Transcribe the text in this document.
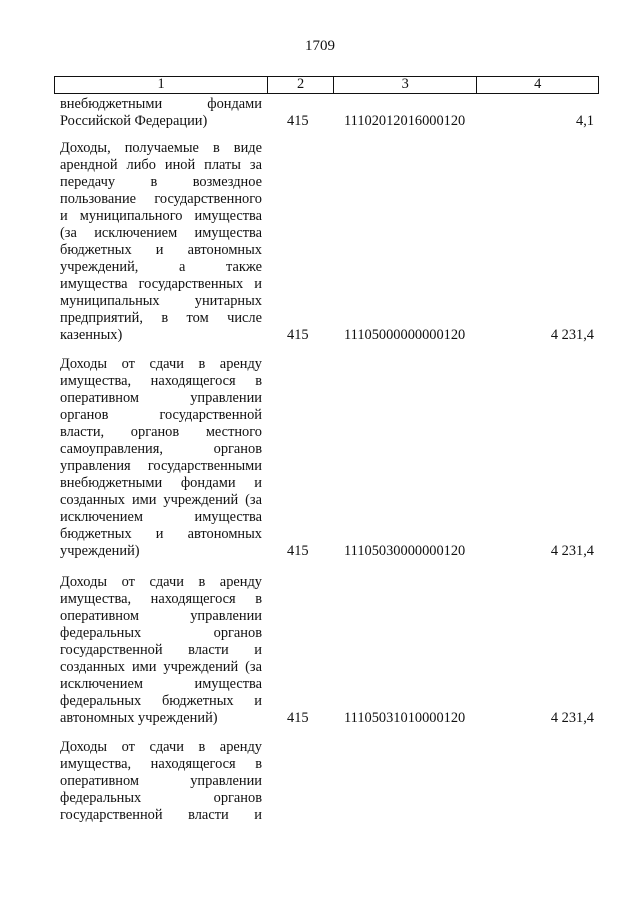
1709
1	2	3	4
внебюджетными фондами
Российской Федерации)	415	11102012016000120	4,1
Доходы, получаемые в виде
арендной либо иной платы за
передачу в возмездное
пользование государственного
и муниципального имущества
(за исключением имущества
бюджетных и автономных
учреждений, а также
имущества государственных и
муниципальных унитарных
предприятий, в том числе
казенных)	415	11105000000000120	4 231,4
Доходы от сдачи в аренду
имущества, находящегося в
оперативном управлении
органов государственной
власти, органов местного
самоуправления, органов
управления государственными
внебюджетными фондами и
созданных ими учреждений (за
исключением имущества
бюджетных и автономных
учреждений)	415	11105030000000120	4 231,4
Доходы от сдачи в аренду
имущества, находящегося в
оперативном управлении
федеральных органов
государственной власти и
созданных ими учреждений (за
исключением имущества
федеральных бюджетных и
автономных учреждений)	415	11105031010000120	4 231,4
Доходы от сдачи в аренду
имущества, находящегося в
оперативном управлении
федеральных органов
государственной власти и
